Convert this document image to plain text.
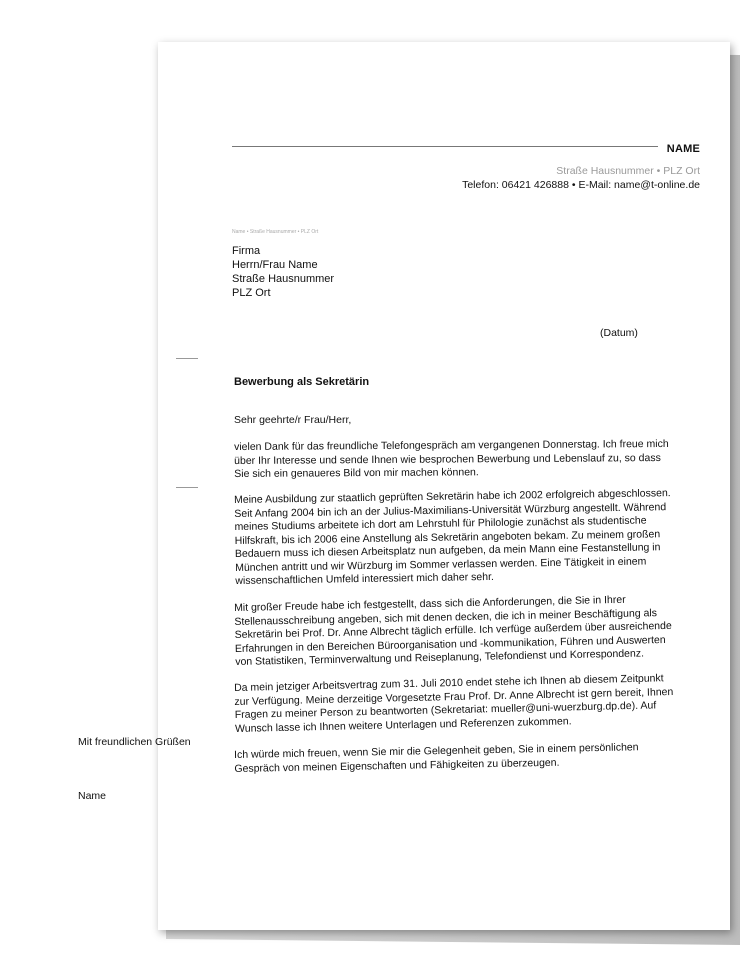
NAME
Straße Hausnummer • PLZ Ort
Telefon: 06421 426888 • E-Mail: name@t-online.de
Name • Straße Hausnummer • PLZ Ort
Firma
Herrn/Frau Name
Straße Hausnummer
PLZ Ort
(Datum)
Bewerbung als Sekretärin

Sehr geehrte/r Frau/Herr,

vielen Dank für das freundliche Telefongespräch am vergangenen Donnerstag. Ich freue mich über Ihr Interesse und sende Ihnen wie besprochen Bewerbung und Lebenslauf zu, so dass Sie sich ein genaueres Bild von mir machen können.

Meine Ausbildung zur staatlich geprüften Sekretärin habe ich 2002 erfolgreich abgeschlossen. Seit Anfang 2004 bin ich an der Julius-Maximilians-Universität Würzburg angestellt. Während meines Studiums arbeitete ich dort am Lehrstuhl für Philologie zunächst als studentische Hilfskraft, bis ich 2006 eine Anstellung als Sekretärin angeboten bekam. Zu meinem großen Bedauern muss ich diesen Arbeitsplatz nun aufgeben, da mein Mann eine Festanstellung in München antritt und wir Würzburg im Sommer verlassen werden. Eine Tätigkeit in einem wissenschaftlichen Umfeld interessiert mich daher sehr.

Mit großer Freude habe ich festgestellt, dass sich die Anforderungen, die Sie in Ihrer Stellenausschreibung angeben, sich mit denen decken, die ich in meiner Beschäftigung als Sekretärin bei Prof. Dr. Anne Albrecht täglich erfülle. Ich verfüge außerdem über ausreichende Erfahrungen in den Bereichen Büroorganisation und -kommunikation, Führen und Auswerten von Statistiken, Terminverwaltung und Reiseplanung, Telefondienst und Korrespondenz.

Da mein jetziger Arbeitsvertrag zum 31. Juli 2010 endet stehe ich Ihnen ab diesem Zeitpunkt zur Verfügung. Meine derzeitige Vorgesetzte Frau Prof. Dr. Anne Albrecht ist gern bereit, Ihnen Fragen zu meiner Person zu beantworten (Sekretariat: mueller@uni-wuerzburg.dp.de). Auf Wunsch lasse ich Ihnen weitere Unterlagen und Referenzen zukommen.

Ich würde mich freuen, wenn Sie mir die Gelegenheit geben, Sie in einem persönlichen Gespräch von meinen Eigenschaften und Fähigkeiten zu überzeugen.

Mit freundlichen Grüßen
Name
